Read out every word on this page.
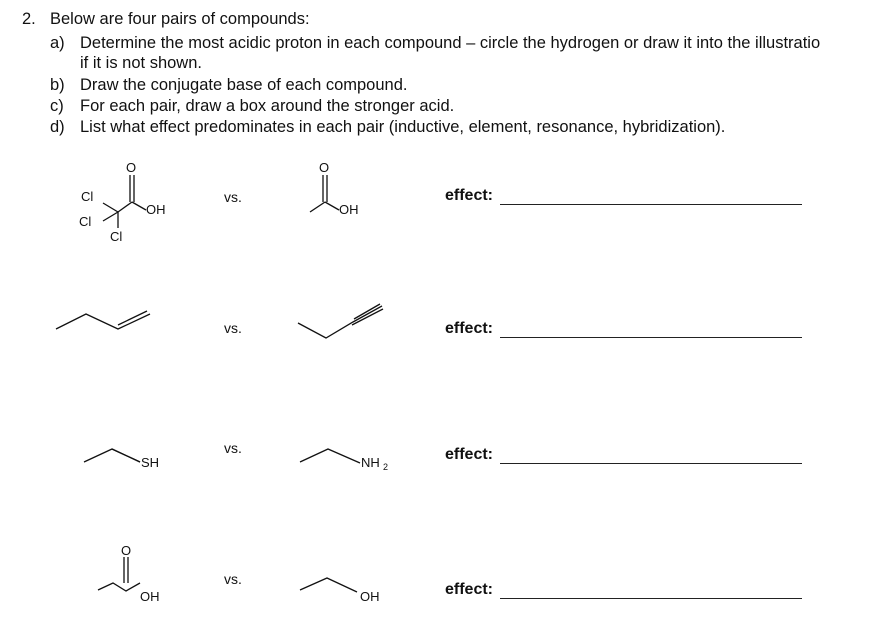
2. Below are four pairs of compounds:
a) Determine the most acidic proton in each compound – circle the hydrogen or draw it into the illustratio
if it is not shown.
b) Draw the conjugate base of each compound.
c) For each pair, draw a box around the stronger acid.
d) List what effect predominates in each pair (inductive, element, resonance, hybridization).
O
OH
Cl
Cl
Cl
O
OH
SH	NH 2
O
OH	OH
vs.
vs.
vs.
vs.
effect:
effect:
effect:
effect:
